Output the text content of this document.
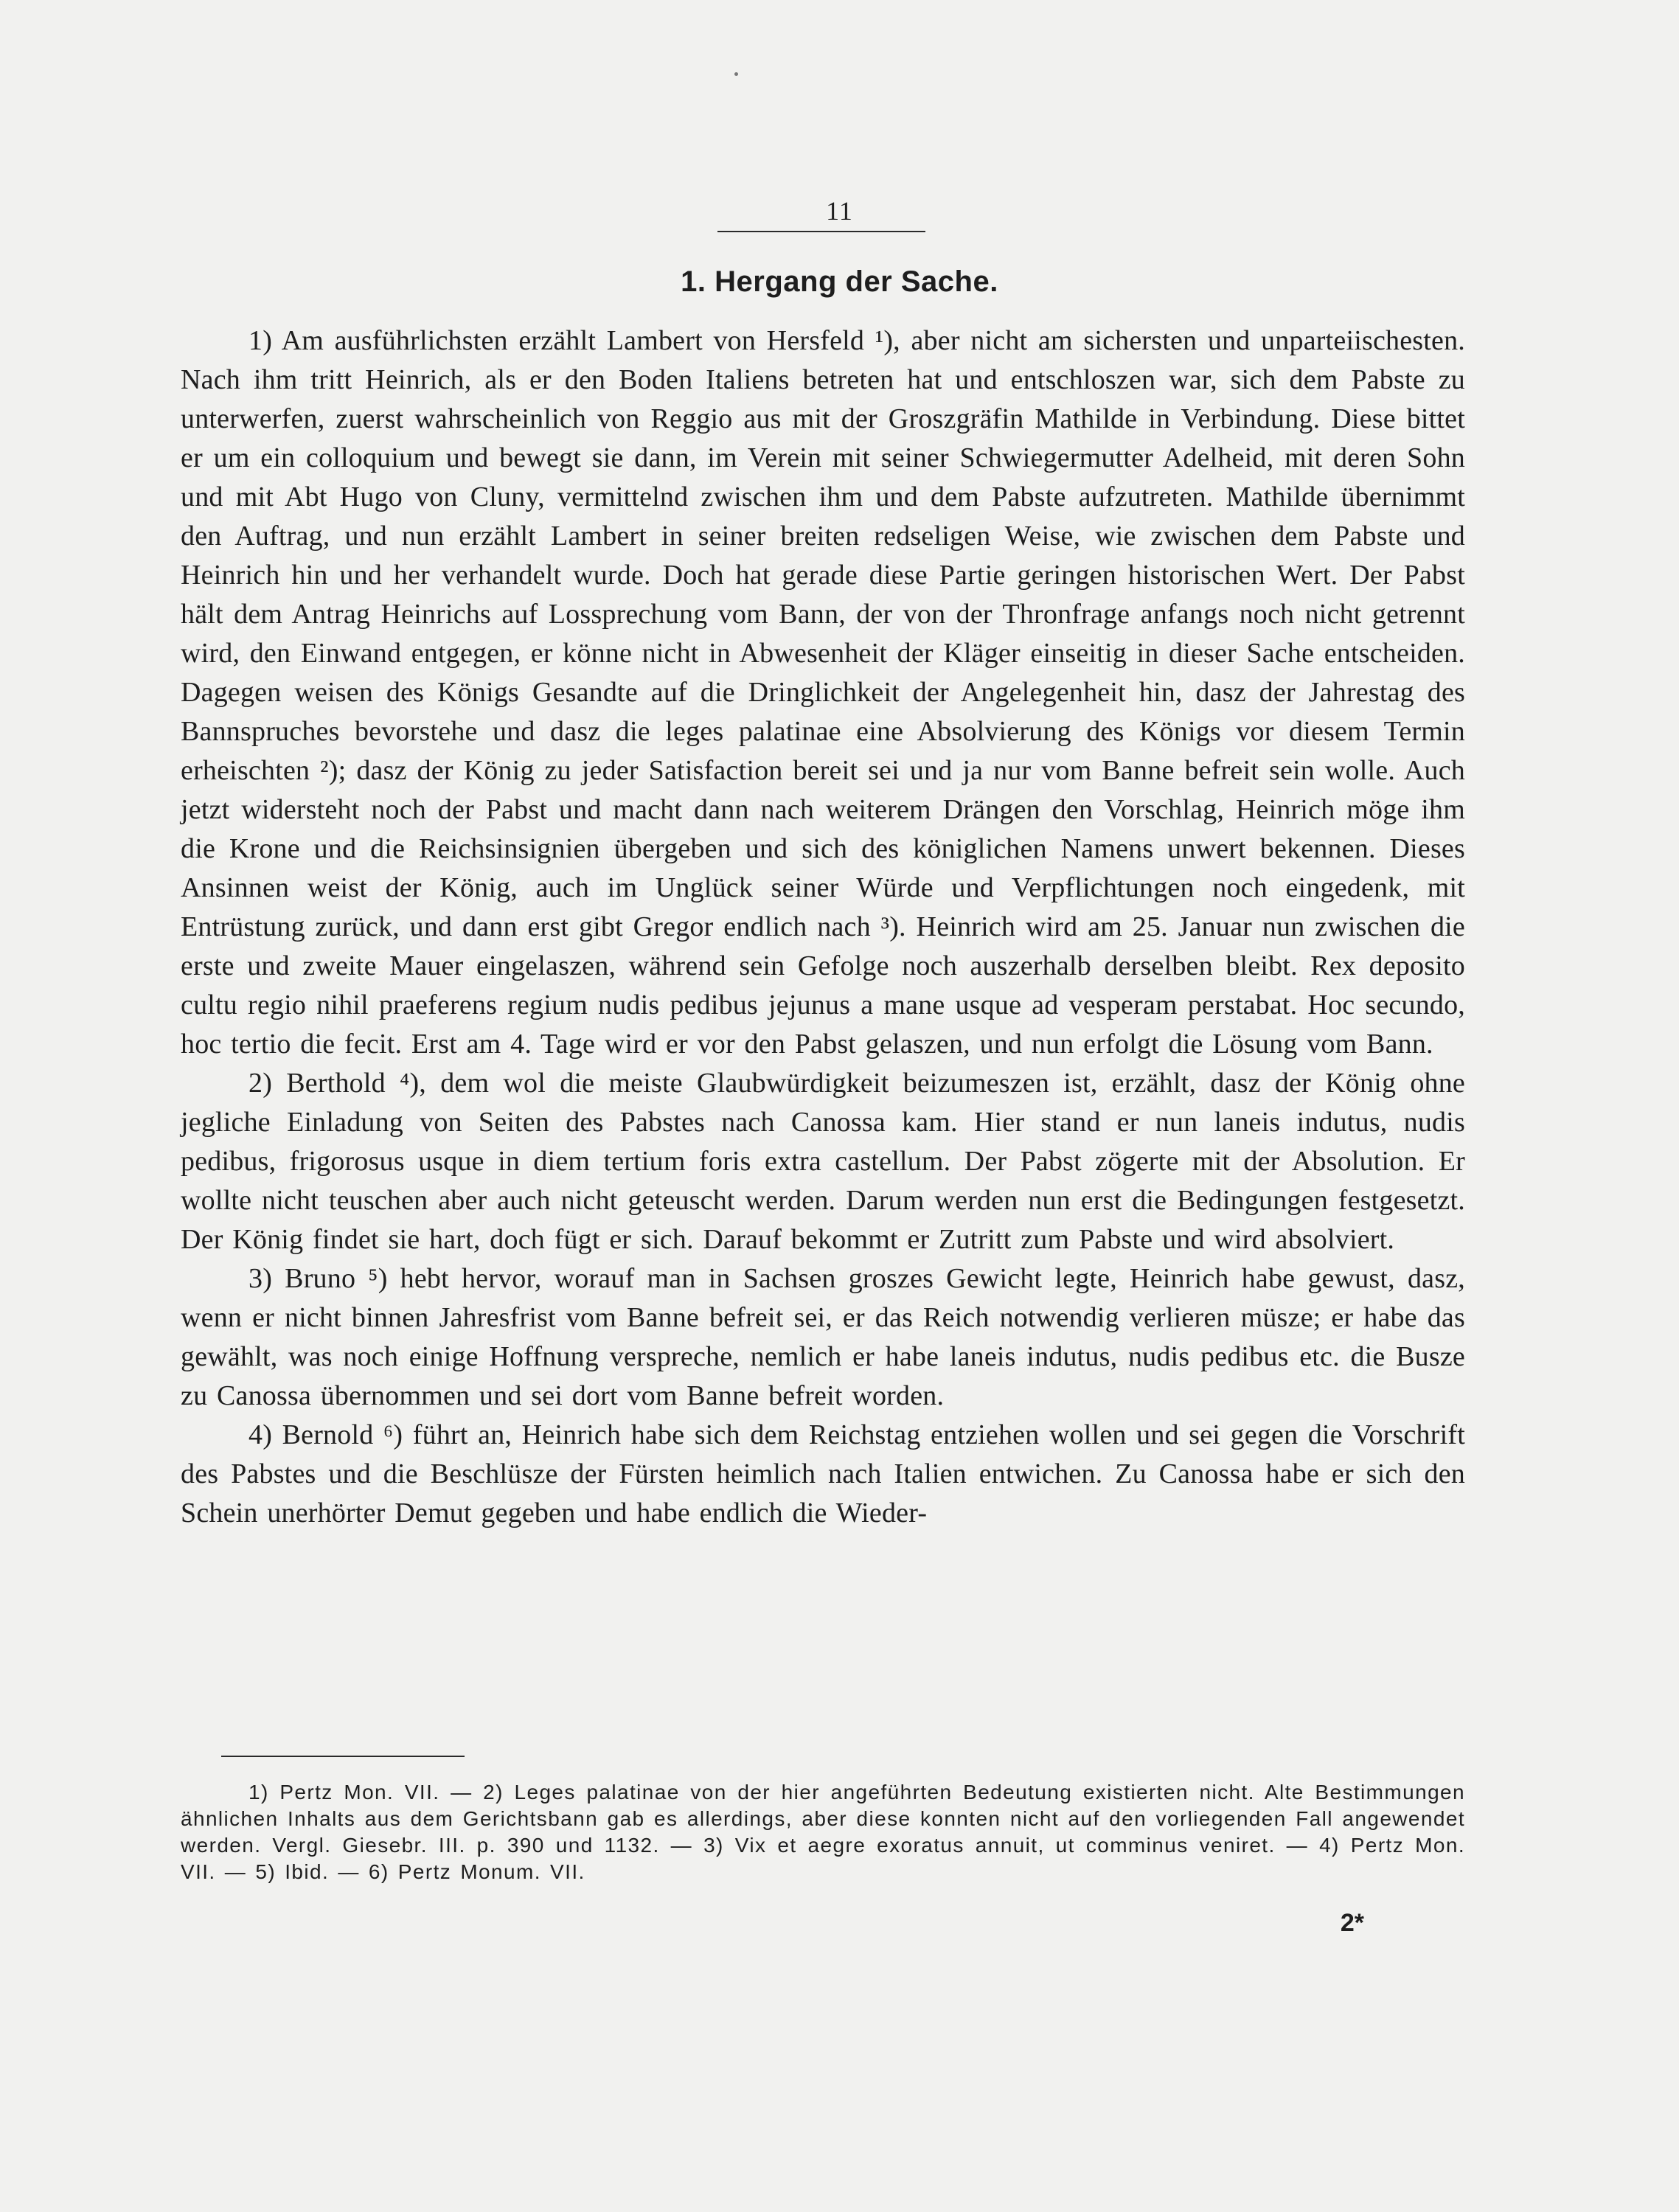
11
1. Hergang der Sache.

1) Am ausführlichsten erzählt Lambert von Hersfeld ¹), aber nicht am sichersten und unparteiischesten. Nach ihm tritt Heinrich, als er den Boden Italiens betreten hat und entschloszen war, sich dem Pabste zu unterwerfen, zuerst wahrscheinlich von Reggio aus mit der Groszgräfin Mathilde in Verbindung. Diese bittet er um ein colloquium und bewegt sie dann, im Verein mit seiner Schwiegermutter Adelheid, mit deren Sohn und mit Abt Hugo von Cluny, vermittelnd zwischen ihm und dem Pabste aufzutreten. Mathilde übernimmt den Auftrag, und nun erzählt Lambert in seiner breiten redseligen Weise, wie zwischen dem Pabste und Heinrich hin und her verhandelt wurde. Doch hat gerade diese Partie geringen historischen Wert. Der Pabst hält dem Antrag Heinrichs auf Lossprechung vom Bann, der von der Thronfrage anfangs noch nicht getrennt wird, den Einwand entgegen, er könne nicht in Abwesenheit der Kläger einseitig in dieser Sache entscheiden. Dagegen weisen des Königs Gesandte auf die Dringlichkeit der Angelegenheit hin, dasz der Jahrestag des Bannspruches bevorstehe und dasz die leges palatinae eine Absolvierung des Königs vor diesem Termin erheischten ²); dasz der König zu jeder Satisfaction bereit sei und ja nur vom Banne befreit sein wolle. Auch jetzt widersteht noch der Pabst und macht dann nach weiterem Drängen den Vorschlag, Heinrich möge ihm die Krone und die Reichsinsignien übergeben und sich des königlichen Namens unwert bekennen. Dieses Ansinnen weist der König, auch im Unglück seiner Würde und Verpflichtungen noch eingedenk, mit Entrüstung zurück, und dann erst gibt Gregor endlich nach ³). Heinrich wird am 25. Januar nun zwischen die erste und zweite Mauer eingelaszen, während sein Gefolge noch auszerhalb derselben bleibt. Rex deposito cultu regio nihil praeferens regium nudis pedibus jejunus a mane usque ad vesperam perstabat. Hoc secundo, hoc tertio die fecit. Erst am 4. Tage wird er vor den Pabst gelaszen, und nun erfolgt die Lösung vom Bann.

2) Berthold ⁴), dem wol die meiste Glaubwürdigkeit beizumeszen ist, erzählt, dasz der König ohne jegliche Einladung von Seiten des Pabstes nach Canossa kam. Hier stand er nun laneis indutus, nudis pedibus, frigorosus usque in diem tertium foris extra castellum. Der Pabst zögerte mit der Absolution. Er wollte nicht teuschen aber auch nicht geteuscht werden. Darum werden nun erst die Bedingungen festgesetzt. Der König findet sie hart, doch fügt er sich. Darauf bekommt er Zutritt zum Pabste und wird absolviert.

3) Bruno ⁵) hebt hervor, worauf man in Sachsen groszes Gewicht legte, Heinrich habe gewust, dasz, wenn er nicht binnen Jahresfrist vom Banne befreit sei, er das Reich notwendig verlieren müsze; er habe das gewählt, was noch einige Hoffnung verspreche, nemlich er habe laneis indutus, nudis pedibus etc. die Busze zu Canossa übernommen und sei dort vom Banne befreit worden.

4) Bernold ⁶) führt an, Heinrich habe sich dem Reichstag entziehen wollen und sei gegen die Vorschrift des Pabstes und die Beschlüsze der Fürsten heimlich nach Italien entwichen. Zu Canossa habe er sich den Schein unerhörter Demut gegeben und habe endlich die Wieder-

1) Pertz Mon. VII. — 2) Leges palatinae von der hier angeführten Bedeutung existierten nicht. Alte Bestimmungen ähnlichen Inhalts aus dem Gerichtsbann gab es allerdings, aber diese konnten nicht auf den vorliegenden Fall angewendet werden. Vergl. Giesebr. III. p. 390 und 1132. — 3) Vix et aegre exoratus annuit, ut comminus veniret. — 4) Pertz Mon. VII. — 5) Ibid. — 6) Pertz Monum. VII.

2*
